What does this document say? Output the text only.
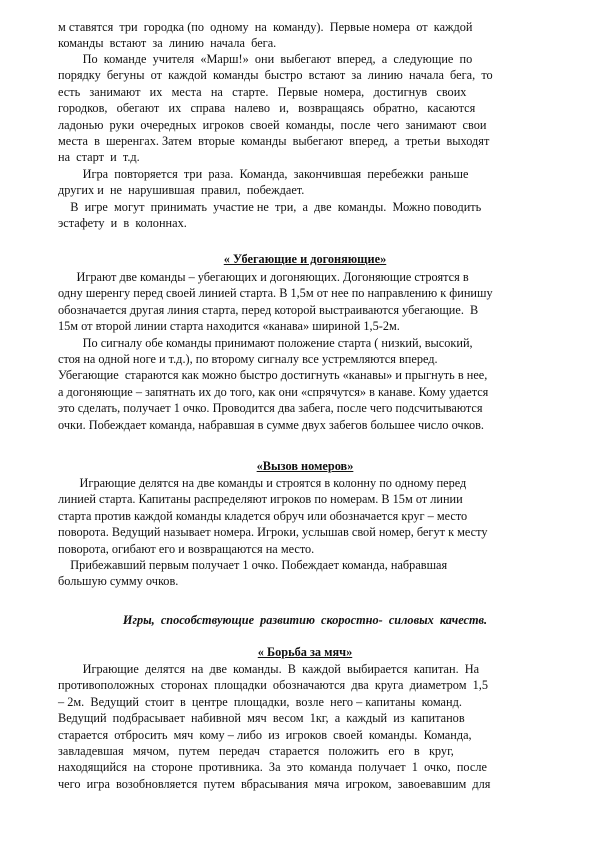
м ставятся  три  городка (по  одному  на  команду).  Первые номера  от  каждой
команды  встают  за  линию  начала  бега.
По  команде  учителя  «Марш!»  они  выбегают  вперед,  а  следующие  по
порядку  бегуны  от  каждой  команды  быстро  встают  за  линию  начала  бега,  то
есть   занимают   их   места   на   старте.   Первые  номера,   достигнув   своих
городков,   обегают   их   справа   налево   и,   возвращаясь   обратно,   касаются
ладонью  руки  очередных  игроков  своей  команды,  после  чего  занимают  свои
места  в  шеренгах. Затем  вторые  команды  выбегают  вперед,  а  третьи  выходят
на  старт  и  т.д.
Игра  повторяется  три  раза.  Команда,  закончившая  перебежки  раньше
других и  не  нарушившая  правил,  побеждает.
В  игре  могут  принимать  участие не  три,  а  две  команды.  Можно поводить
эстафету  и  в  колоннах.
« Убегающие и догоняющие»
Играют две команды – убегающих и догоняющих. Догоняющие строятся в
одну шеренгу перед своей линией старта. В 1,5м от нее по направлению к финишу
обозначается другая линия старта, перед которой выстраиваются убегающие.  В
15м от второй линии старта находится «канава» шириной 1,5-2м.
По сигналу обе команды принимают положение старта ( низкий, высокий,
стоя на одной ноге и т.д.), по второму сигналу все устремляются вперед.
Убегающие  стараются как можно быстро достигнуть «канавы» и прыгнуть в нее,
а догоняющие – запятнать их до того, как они «спрячутся» в канаве. Кому удается
это сделать, получает 1 очко. Проводится два забега, после чего подсчитываются
очки. Побеждает команда, набравшая в сумме двух забегов большее число очков.
«Вызов номеров»
Играющие делятся на две команды и строятся в колонну по одному перед
линией старта. Капитаны распределяют игроков по номерам. В 15м от линии
старта против каждой команды кладется обруч или обозначается круг – место
поворота. Ведущий называет номера. Игроки, услышав свой номер, бегут к месту
поворота, огибают его и возвращаются на место.
Прибежавший первым получает 1 очко. Побеждает команда, набравшая
большую сумму очков.
Игры, способствующие развитию скоростно- силовых качеств.
« Борьба за мяч»
Играющие  делятся  на  две  команды.  В  каждой  выбирается  капитан.  На
противоположных  сторонах  площадки  обозначаются  два  круга  диаметром  1,5
– 2м.  Ведущий  стоит  в  центре  площадки,  возле  него – капитаны  команд.
Ведущий  подбрасывает  набивной  мяч  весом  1кг,  а  каждый  из  капитанов
старается  отбросить  мяч  кому – либо  из  игроков  своей  команды.  Команда,
завладевшая   мячом,   путем   передач   старается   положить   его   в   круг,
находящийся  на  стороне  противника.  За  это  команда  получает  1  очко,  после
чего  игра  возобновляется  путем  вбрасывания  мяча  игроком,  завоевавшим  для
